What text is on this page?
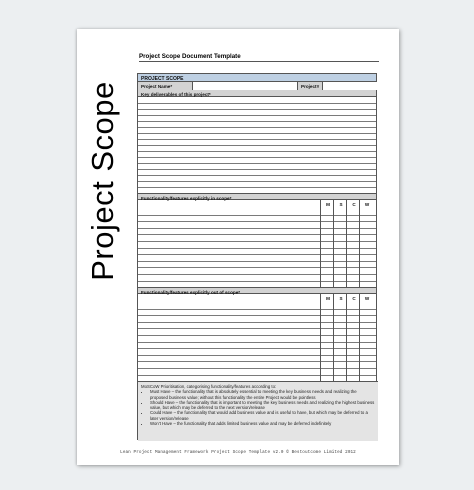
Project Scope
Project Scope Document Template
PROJECT SCOPE
Project Name*	Project#
Key deliverables of this project*
Functionality/features explicitly in scope*
M	S	C	W
Functionality/features explicitly out of scope*
M	S	C	W
MoSCoW Prioritisation, categorising functionality/features according to:
• Must Have – the functionality that is absolutely essential to meeting the key business needs and realizing the proposed business value; without this functionality the entire Project would be pointless
• Should Have – the functionality that is important to meeting the key business needs and realizing the highest business value, but which may be deferred to the next version/release
• Could Have – the functionality that would add business value and is useful to have, but which may be deferred to a later version/release
• Won’t Have – the functionality that adds limited business value and may be deferred indefinitely
Lean Project Management Framework Project Scope Template v2.0 © Bestoutcome Limited 2012
